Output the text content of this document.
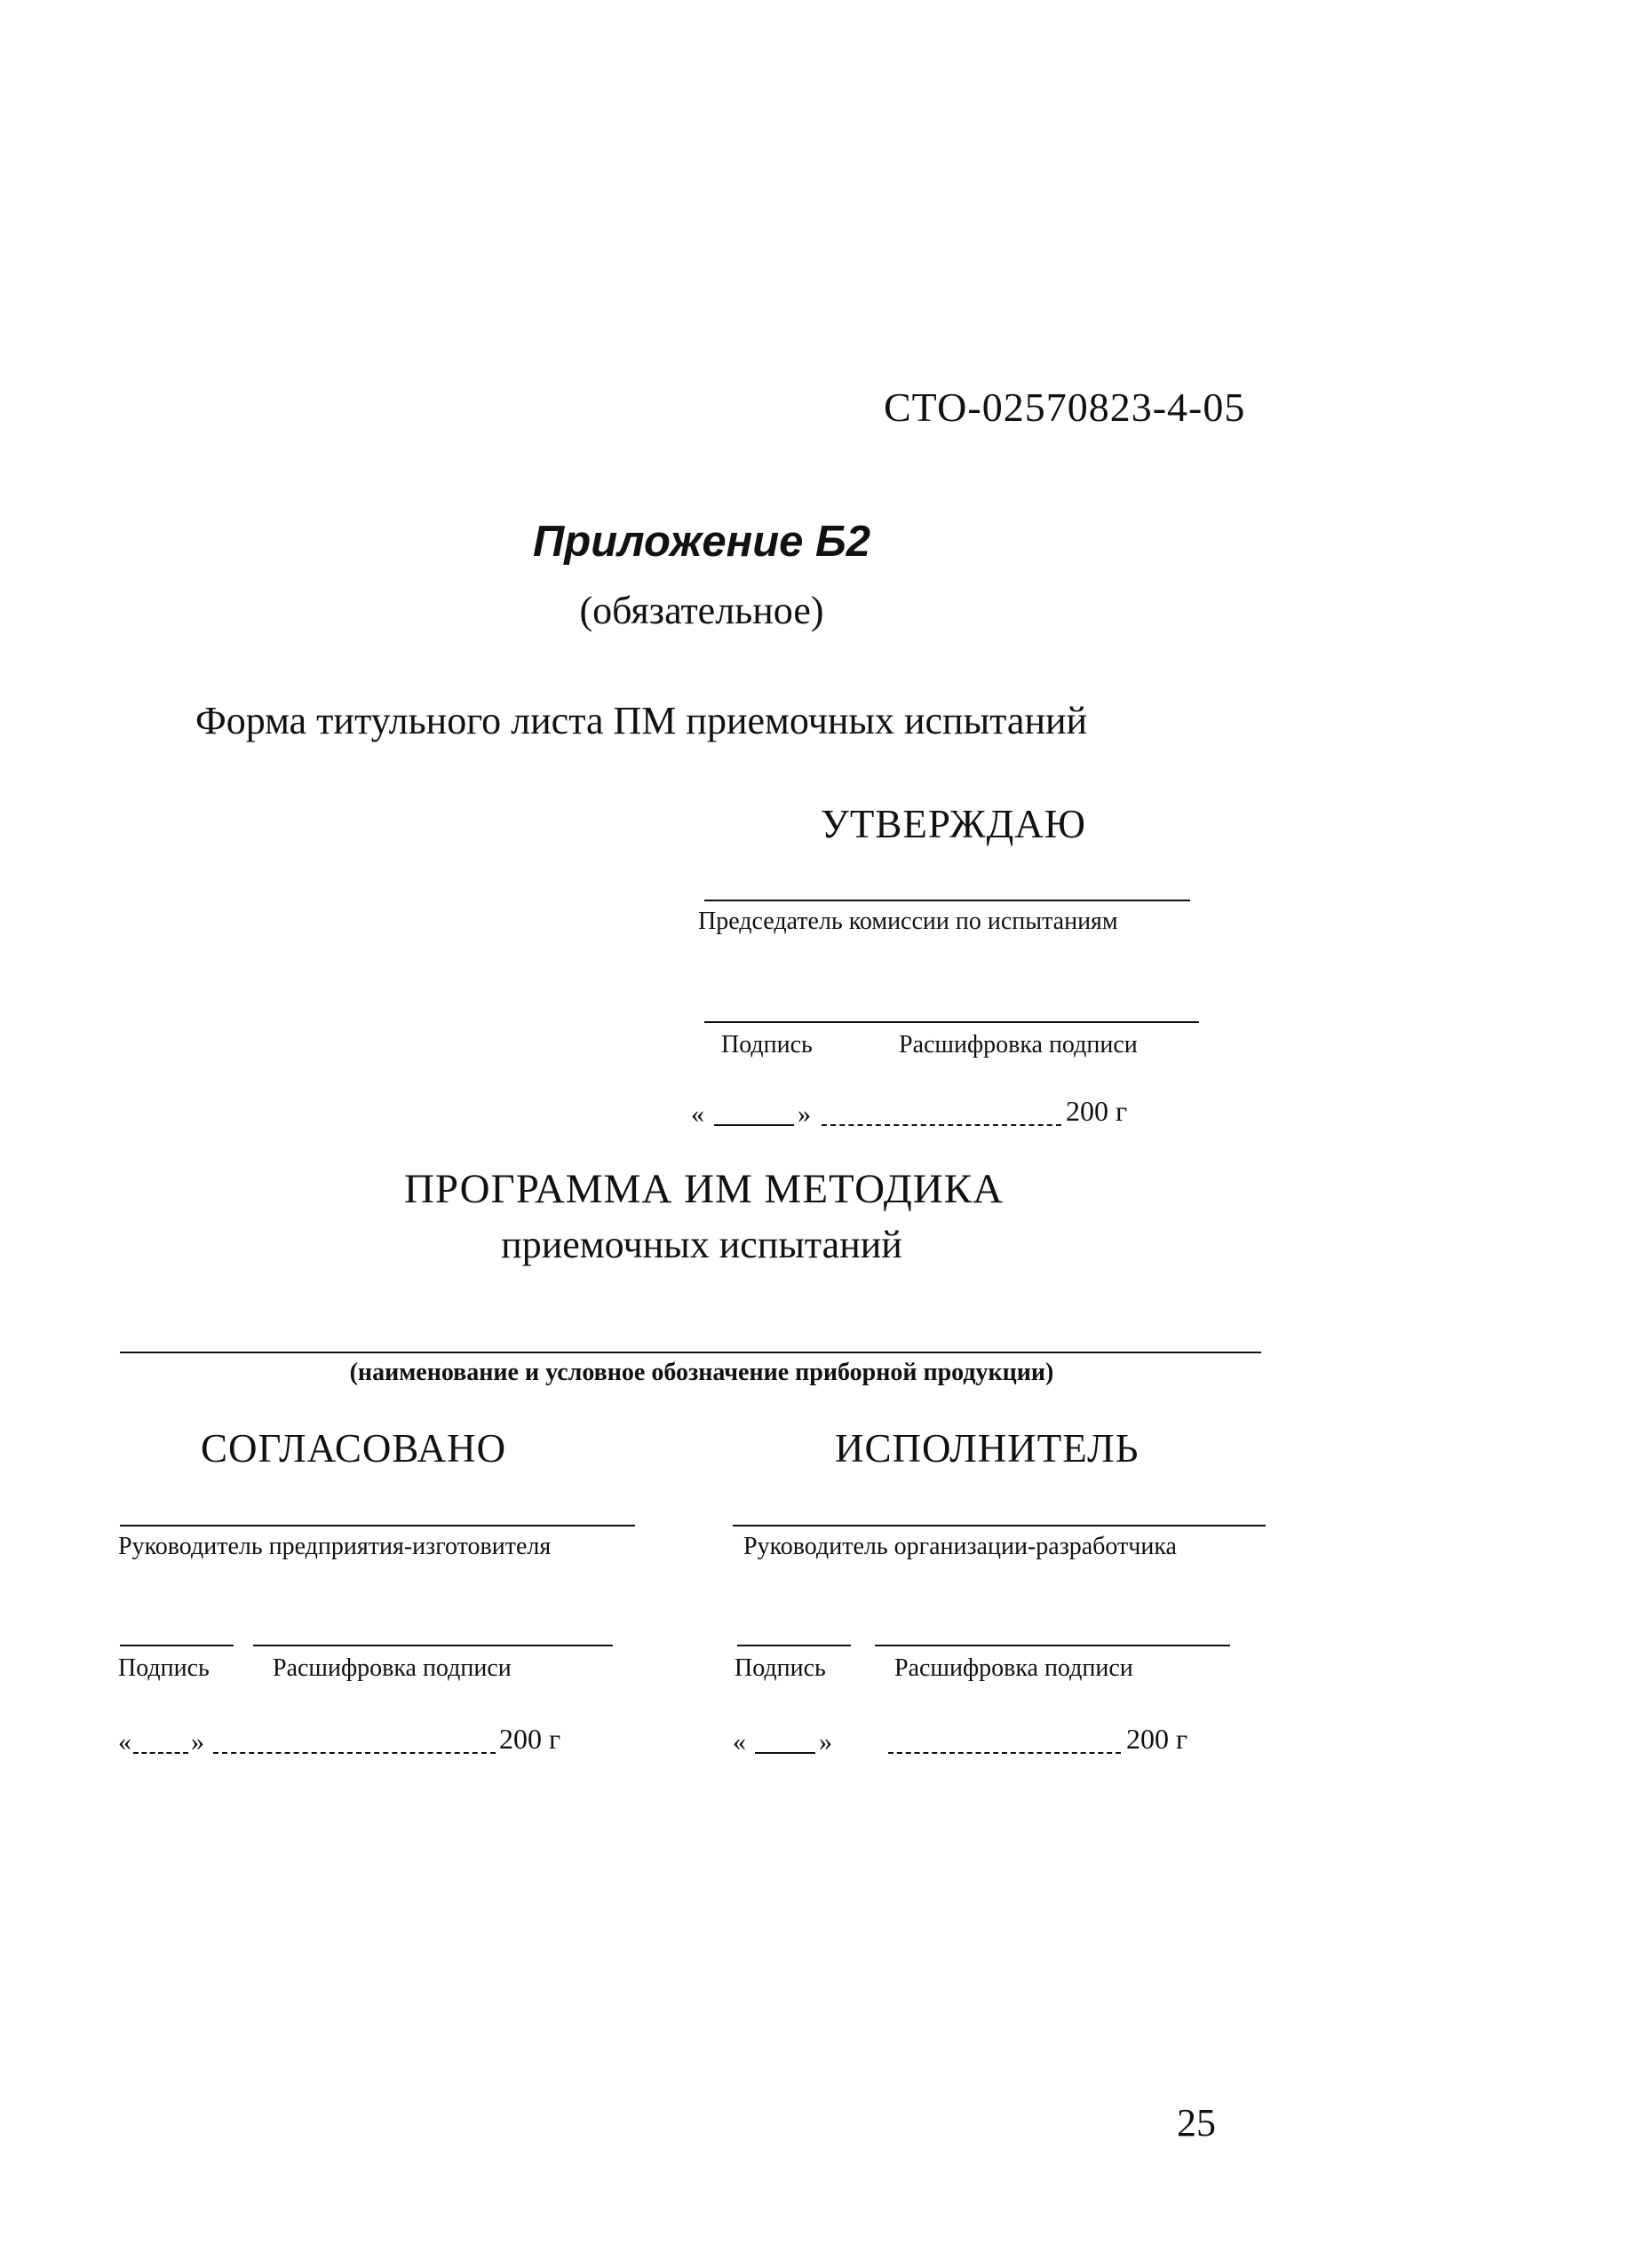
СТО-02570823-4-05
Приложение Б2
(обязательное)
Форма титульного листа ПМ приемочных испытаний
УТВЕРЖДАЮ
Председатель комиссии по испытаниям
Подпись	Расшифровка подписи
«	»	200 г
ПРОГРАММА ИМ МЕТОДИКА
приемочных испытаний
(наименование и условное обозначение приборной продукции)
СОГЛАСОВАНО
Руководитель предприятия-изготовителя
Подпись	Расшифровка подписи
« »	200 г
ИСПОЛНИТЕЛЬ
Руководитель организации-разработчика
Подпись	Расшифровка подписи
«	»	200 г
25
